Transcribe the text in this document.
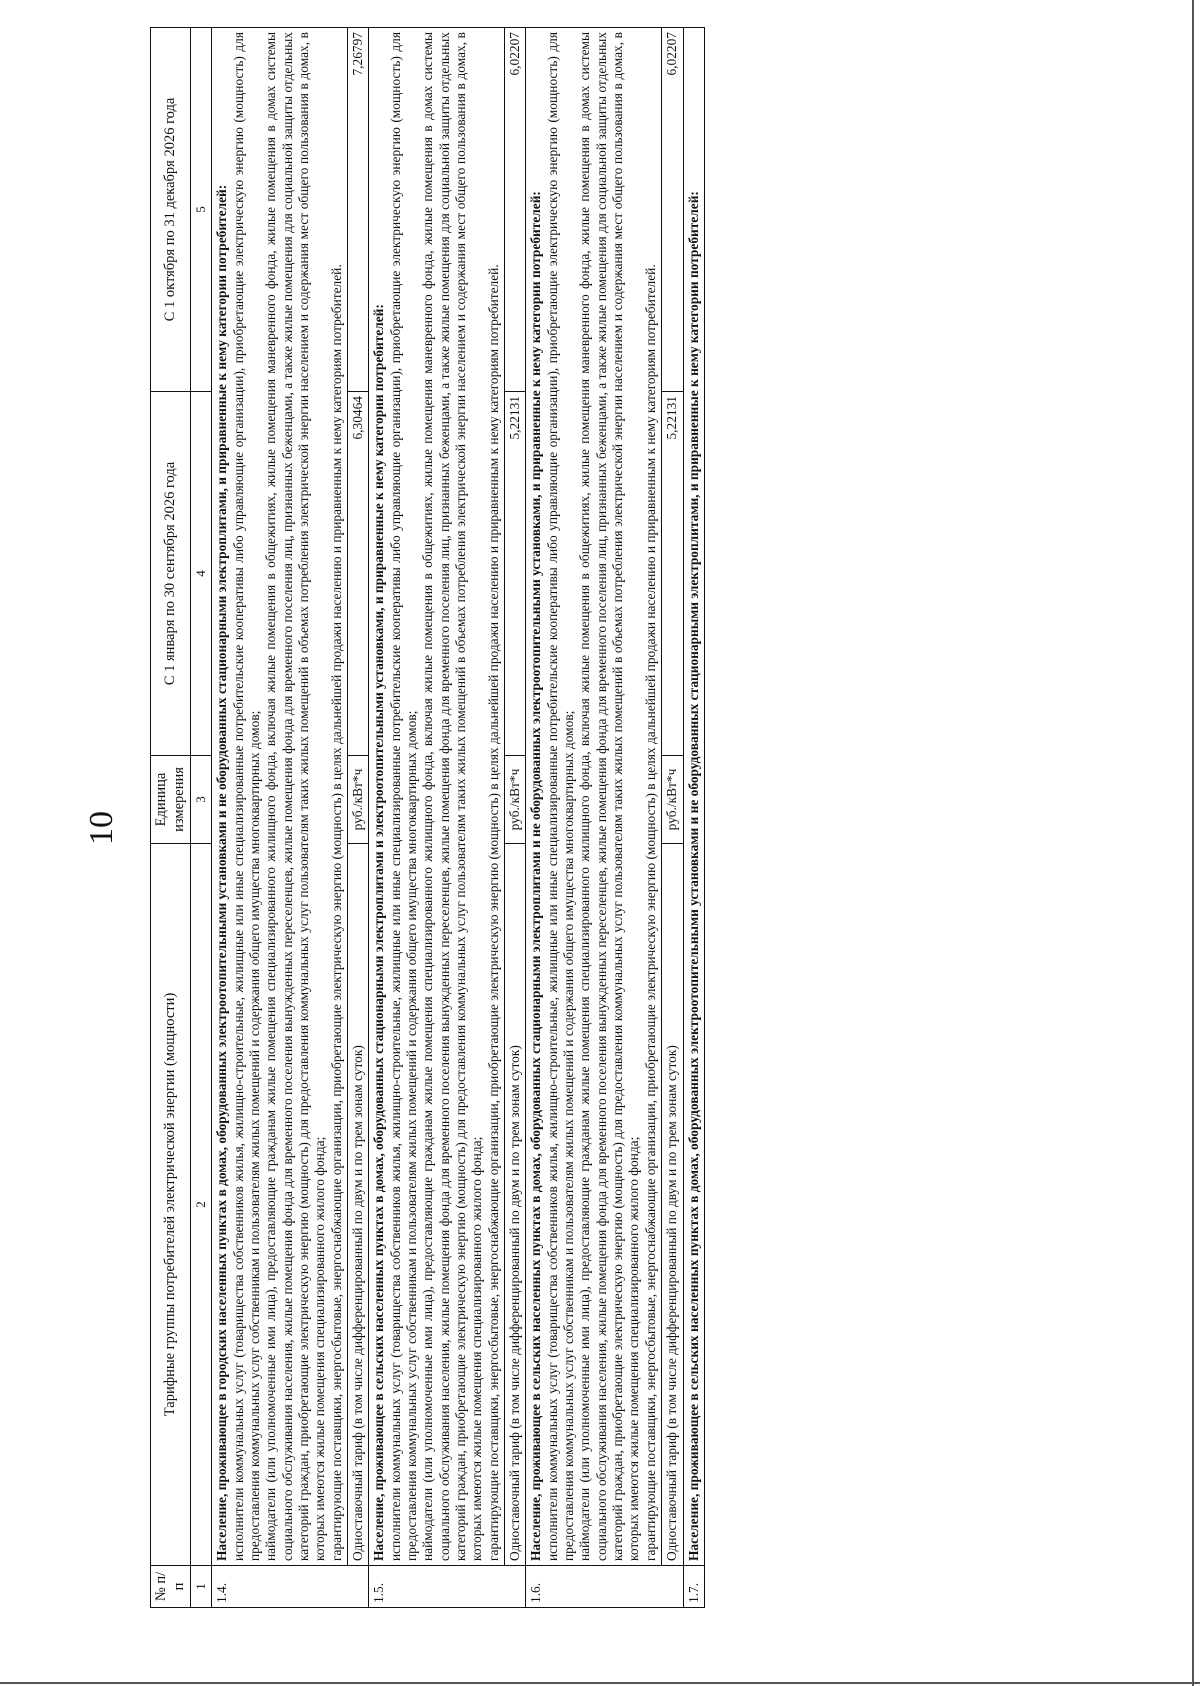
10
№ п/п	Тарифные группы потребителей электрической энергии (мощности)	Единица измерения	С 1 января по 30 сентября 2026 года	С 1 октября по 31 декабря 2026 года
1	2	3	4	5
1.4.	Население, проживающее в городских населенных пунктах в домах, оборудованных электроотопительными установками и не оборудованных стационарными электроплитами, и приравненные к нему категории потребителей: исполнители коммунальных услуг (товарищества собственников жилья, жилищно-строительные, жилищные или иные специализированные потребительские кооперативы либо управляющие организации), приобретающие электрическую энергию (мощность) для предоставления коммунальных услуг собственникам и пользователям жилых помещений и содержания общего имущества многоквартирных домов; наймодатели (или уполномоченные ими лица), предоставляющие гражданам жилые помещения специализированного жилищного фонда, включая жилые помещения в общежитиях, жилые помещения маневренного фонда, жилые помещения в домах системы социального обслуживания населения, жилые помещения фонда для временного поселения вынужденных переселенцев, жилые помещения фонда для временного поселения лиц, признанных беженцами, а также жилые помещения для социальной защиты отдельных категорий граждан, приобретающие электрическую энергию (мощность) для предоставления коммунальных услуг пользователям таких жилых помещений в объемах потребления электрической энергии населением и содержания мест общего пользования в домах, в которых имеются жилые помещения специализированного жилого фонда; гарантирующие поставщики, энергосбытовые, энергоснабжающие организации, приобретающие электрическую энергию (мощность) в целях дальнейшей продажи населению и приравненным к нему категориям потребителей.			

	Одноставочный тариф (в том числе дифференцированный по двум и по трем зонам суток)	руб./кВт*ч	6,30464	7,26797
1.5.	Население, проживающее в сельских населенных пунктах в домах, оборудованных стационарными электроплитами и электроотопительными установками, и приравненные к нему категории потребителей: исполнители коммунальных услуг (товарищества собственников жилья, жилищно-строительные, жилищные или иные специализированные потребительские кооперативы либо управляющие организации), приобретающие электрическую энергию (мощность) для предоставления коммунальных услуг собственникам и пользователям жилых помещений и содержания общего имущества многоквартирных домов; наймодатели (или уполномоченные ими лица), предоставляющие гражданам жилые помещения специализированного жилищного фонда, включая жилые помещения в общежитиях, жилые помещения маневренного фонда, жилые помещения в домах системы социального обслуживания населения, жилые помещения фонда для временного поселения вынужденных переселенцев, жилые помещения фонда для временного поселения лиц, признанных беженцами, а также жилые помещения для социальной защиты отдельных категорий граждан, приобретающие электрическую энергию (мощность) для предоставления коммунальных услуг пользователям таких жилых помещений в объемах потребления электрической энергии населением и содержания мест общего пользования в домах, в которых имеются жилые помещения специализированного жилого фонда; гарантирующие поставщики, энергосбытовые, энергоснабжающие организации, приобретающие электрическую энергию (мощность) в целях дальнейшей продажи населению и приравненным к нему категориям потребителей.			

	Одноставочный тариф (в том числе дифференцированный по двум и по трем зонам суток)	руб./кВт*ч	5,22131	6,02207
1.6.	Население, проживающее в сельских населенных пунктах в домах, оборудованных стационарными электроплитами и не оборудованных электроотопительными установками, и приравненные к нему категории потребителей: исполнители коммунальных услуг (товарищества собственников жилья, жилищно-строительные, жилищные или иные специализированные потребительские кооперативы либо управляющие организации), приобретающие электрическую энергию (мощность) для предоставления коммунальных услуг собственникам и пользователям жилых помещений и содержания общего имущества многоквартирных домов; наймодатели (или уполномоченные ими лица), предоставляющие гражданам жилые помещения специализированного жилищного фонда, включая жилые помещения в общежитиях, жилые помещения маневренного фонда, жилые помещения в домах системы социального обслуживания населения, жилые помещения фонда для временного поселения вынужденных переселенцев, жилые помещения фонда для временного поселения лиц, признанных беженцами, а также жилые помещения для социальной защиты отдельных категорий граждан, приобретающие электрическую энергию (мощность) для предоставления коммунальных услуг пользователям таких жилых помещений в объемах потребления электрической энергии населением и содержания мест общего пользования в домах, в которых имеются жилые помещения специализированного жилого фонда; гарантирующие поставщики, энергосбытовые, энергоснабжающие организации, приобретающие электрическую энергию (мощность) в целях дальнейшей продажи населению и приравненным к нему категориям потребителей.			

	Одноставочный тариф (в том числе дифференцированный по двум и по трем зонам суток)	руб./кВт*ч	5,22131	6,02207
1.7.	Население, проживающее в сельских населенных пунктах в домах, оборудованных электроотопительными установками и не оборудованных стационарными электроплитами, и приравненные к нему категории потребителей:			
